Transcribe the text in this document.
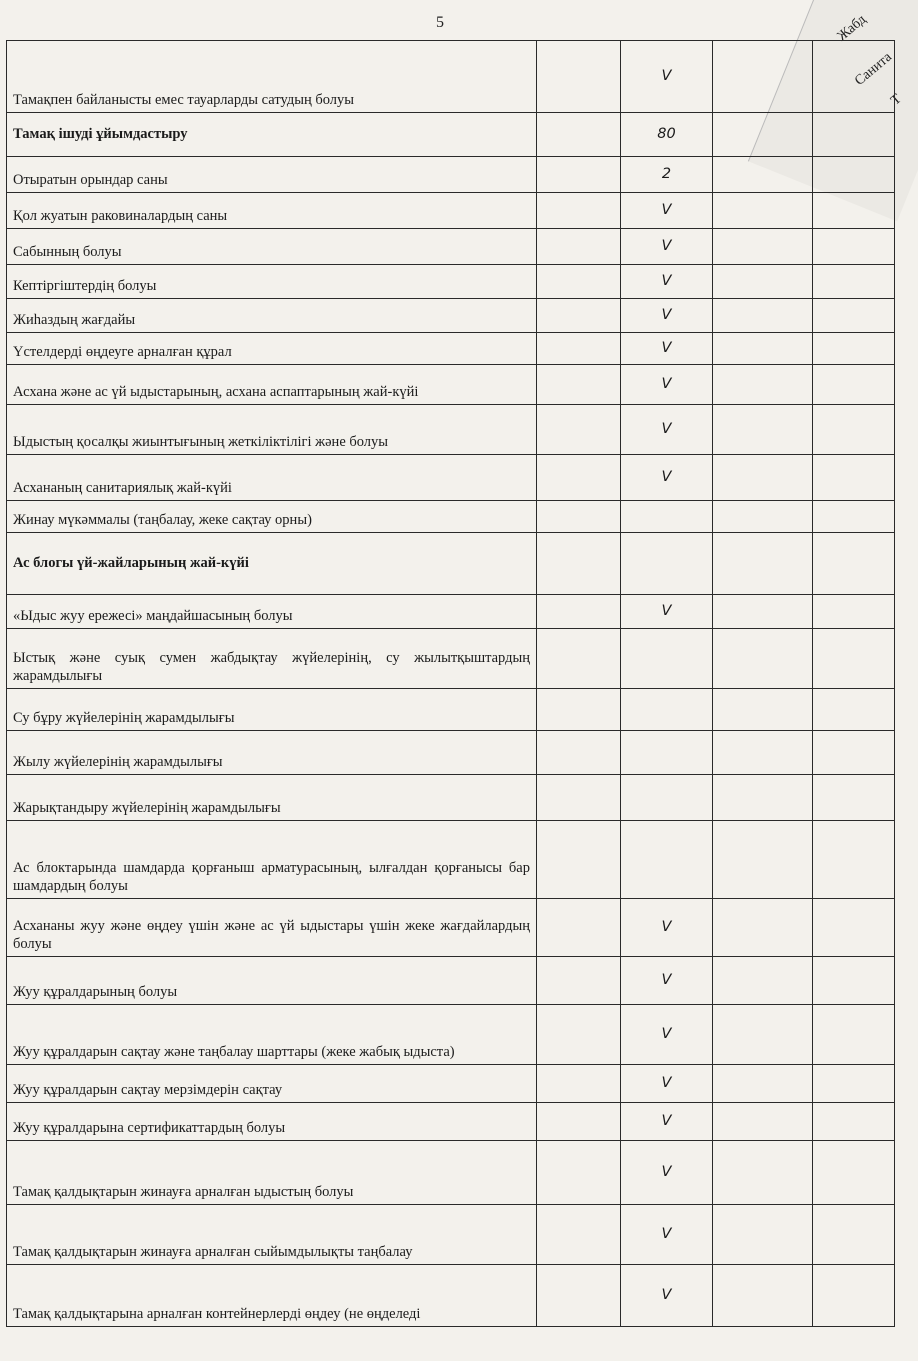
Жабд
Санита
Т
5
Тамақпен байланысты емес тауарларды сатудың болуы		V		
Тамақ ішуді ұйымдастыру		80		
Отыратын орындар саны		2		
Қол жуатын раковиналардың саны		V		
Сабынның болуы		V		
Кептіргіштердің болуы		V		
Жиһаздың жағдайы		V		
Үстелдерді өңдеуге арналған құрал		V		
Асхана және ас үй ыдыстарының, асхана аспаптарының жай-күйі		V		
Ыдыстың қосалқы жиынтығының жеткіліктілігі және болуы		V		
Асхананың санитариялық жай-күйі		V		
Жинау мүкәммалы (таңбалау, жеке сақтау орны)				
Ас блогы үй-жайларының жай-күйі				
«Ыдыс жуу ережесі» маңдайшасының болуы		V		
Ыстық және суық сумен жабдықтау жүйелерінің, су жылытқыштардың жарамдылығы				
Су бұру жүйелерінің жарамдылығы				
Жылу жүйелерінің жарамдылығы				
Жарықтандыру жүйелерінің жарамдылығы				
Ас блоктарында шамдарда қорғаныш арматурасының, ылғалдан қорғанысы бар шамдардың болуы				
Асхананы жуу және өңдеу үшін және ас үй ыдыстары үшін жеке жағдайлардың болуы		V		
Жуу құралдарының болуы		V		
Жуу құралдарын сақтау және таңбалау шарттары (жеке жабық ыдыста)		V		
Жуу құралдарын сақтау мерзімдерін сақтау		V		
Жуу құралдарына сертификаттардың болуы		V		
Тамақ қалдықтарын жинауға арналған ыдыстың болуы		V		
Тамақ қалдықтарын жинауға арналған сыйымдылықты таңбалау		V		
Тамақ қалдықтарына арналған контейнерлерді өңдеу (не өңделеді		V		
